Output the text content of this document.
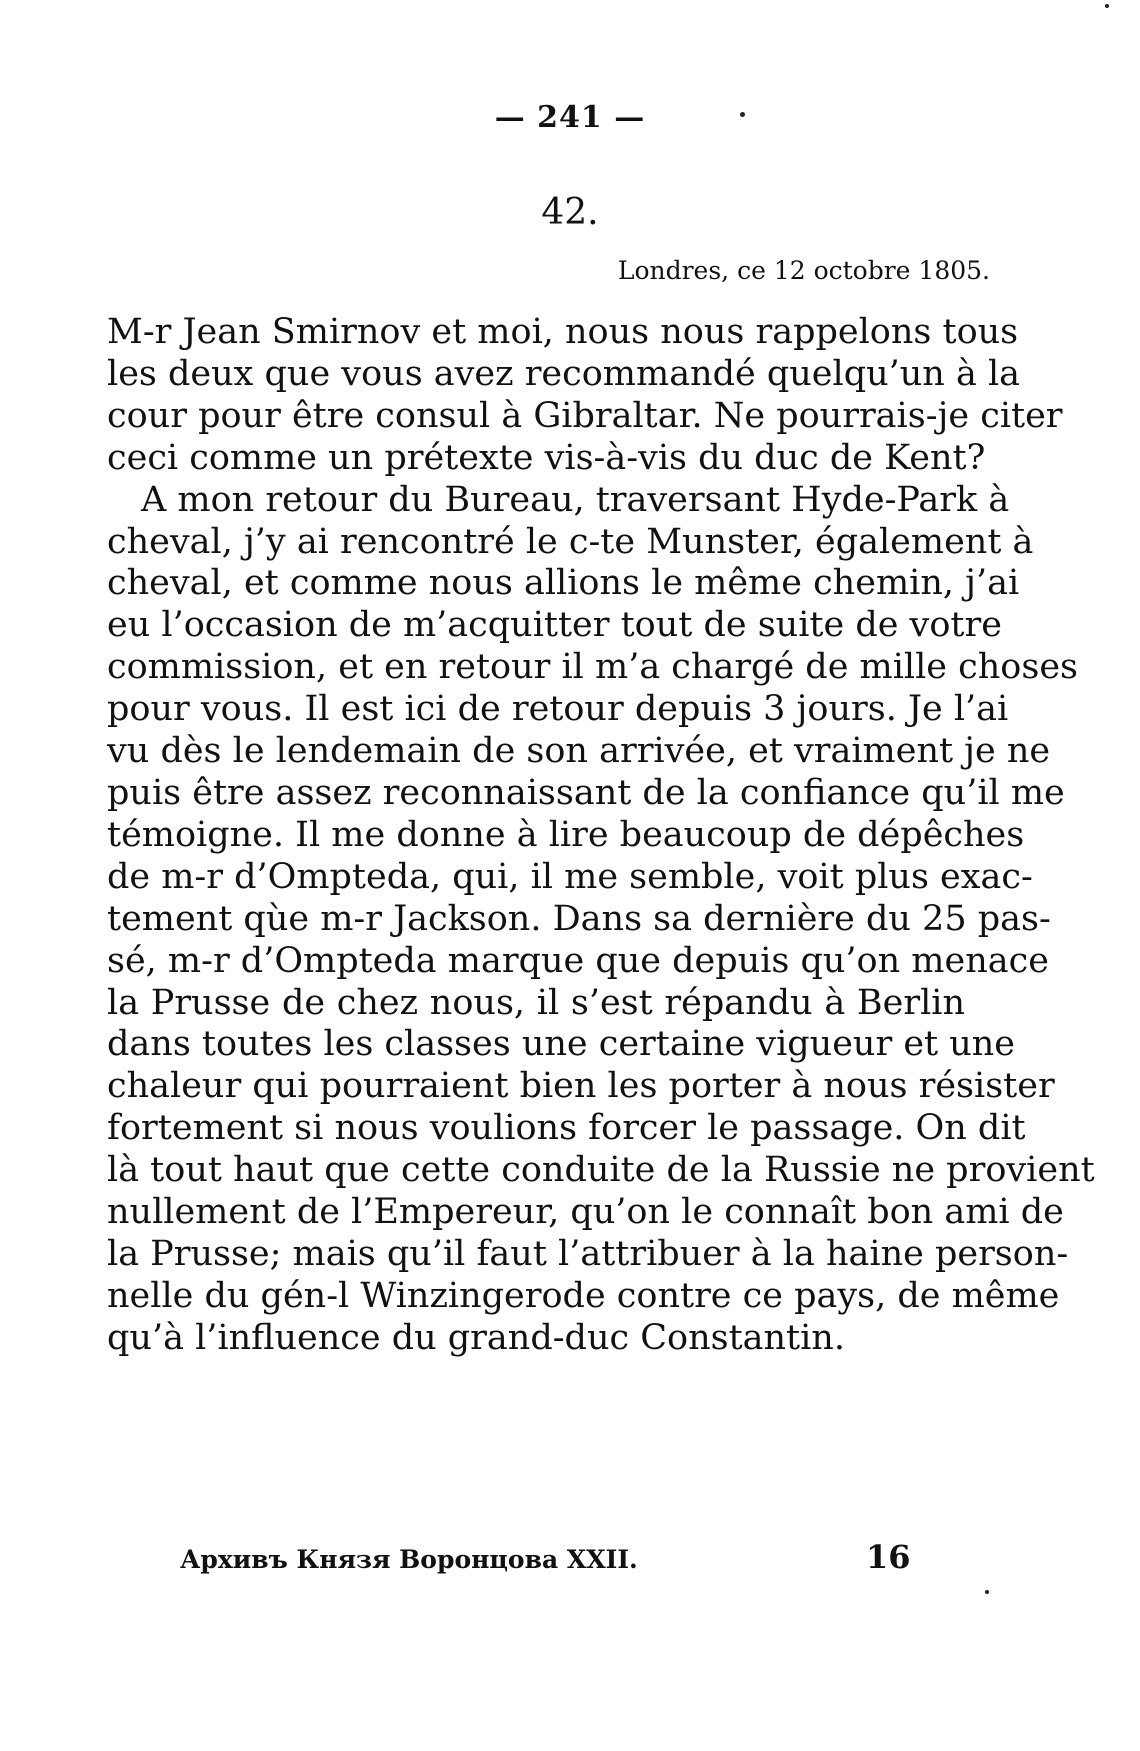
— 241 —
42.
Londres, ce 12 octobre 1805.
M-r Jean Smirnov et moi, nous nous rappelons tous
les deux que vous avez recommandé quelqu’un à la
cour pour être consul à Gibraltar. Ne pourrais-je citer
ceci comme un prétexte vis-à-vis du duc de Kent?
A mon retour du Bureau, traversant Hyde-Park à
cheval, j’y ai rencontré le c-te Munster, également à
cheval, et comme nous allions le même chemin, j’ai
eu l’occasion de m’acquitter tout de suite de votre
commission, et en retour il m’a chargé de mille choses
pour vous. Il est ici de retour depuis 3 jours. Je l’ai
vu dès le lendemain de son arrivée, et vraiment je ne
puis être assez reconnaissant de la confiance qu’il me
témoigne. Il me donne à lire beaucoup de dépêches
de m-r d’Ompteda, qui, il me semble, voit plus exac-
tement qùe m-r Jackson. Dans sa dernière du 25 pas-
sé, m-r d’Ompteda marque que depuis qu’on menace
la Prusse de chez nous, il s’est répandu à Berlin
dans toutes les classes une certaine vigueur et une
chaleur qui pourraient bien les porter à nous résister
fortement si nous voulions forcer le passage. On dit
là tout haut que cette conduite de la Russie ne provient
nullement de l’Empereur, qu’on le connaît bon ami de
la Prusse; mais qu’il faut l’attribuer à la haine person-
nelle du gén-l Winzingerode contre ce pays, de même
qu’à l’influence du grand-duc Constantin.
Архивъ Князя Воронцова XXII.	16
